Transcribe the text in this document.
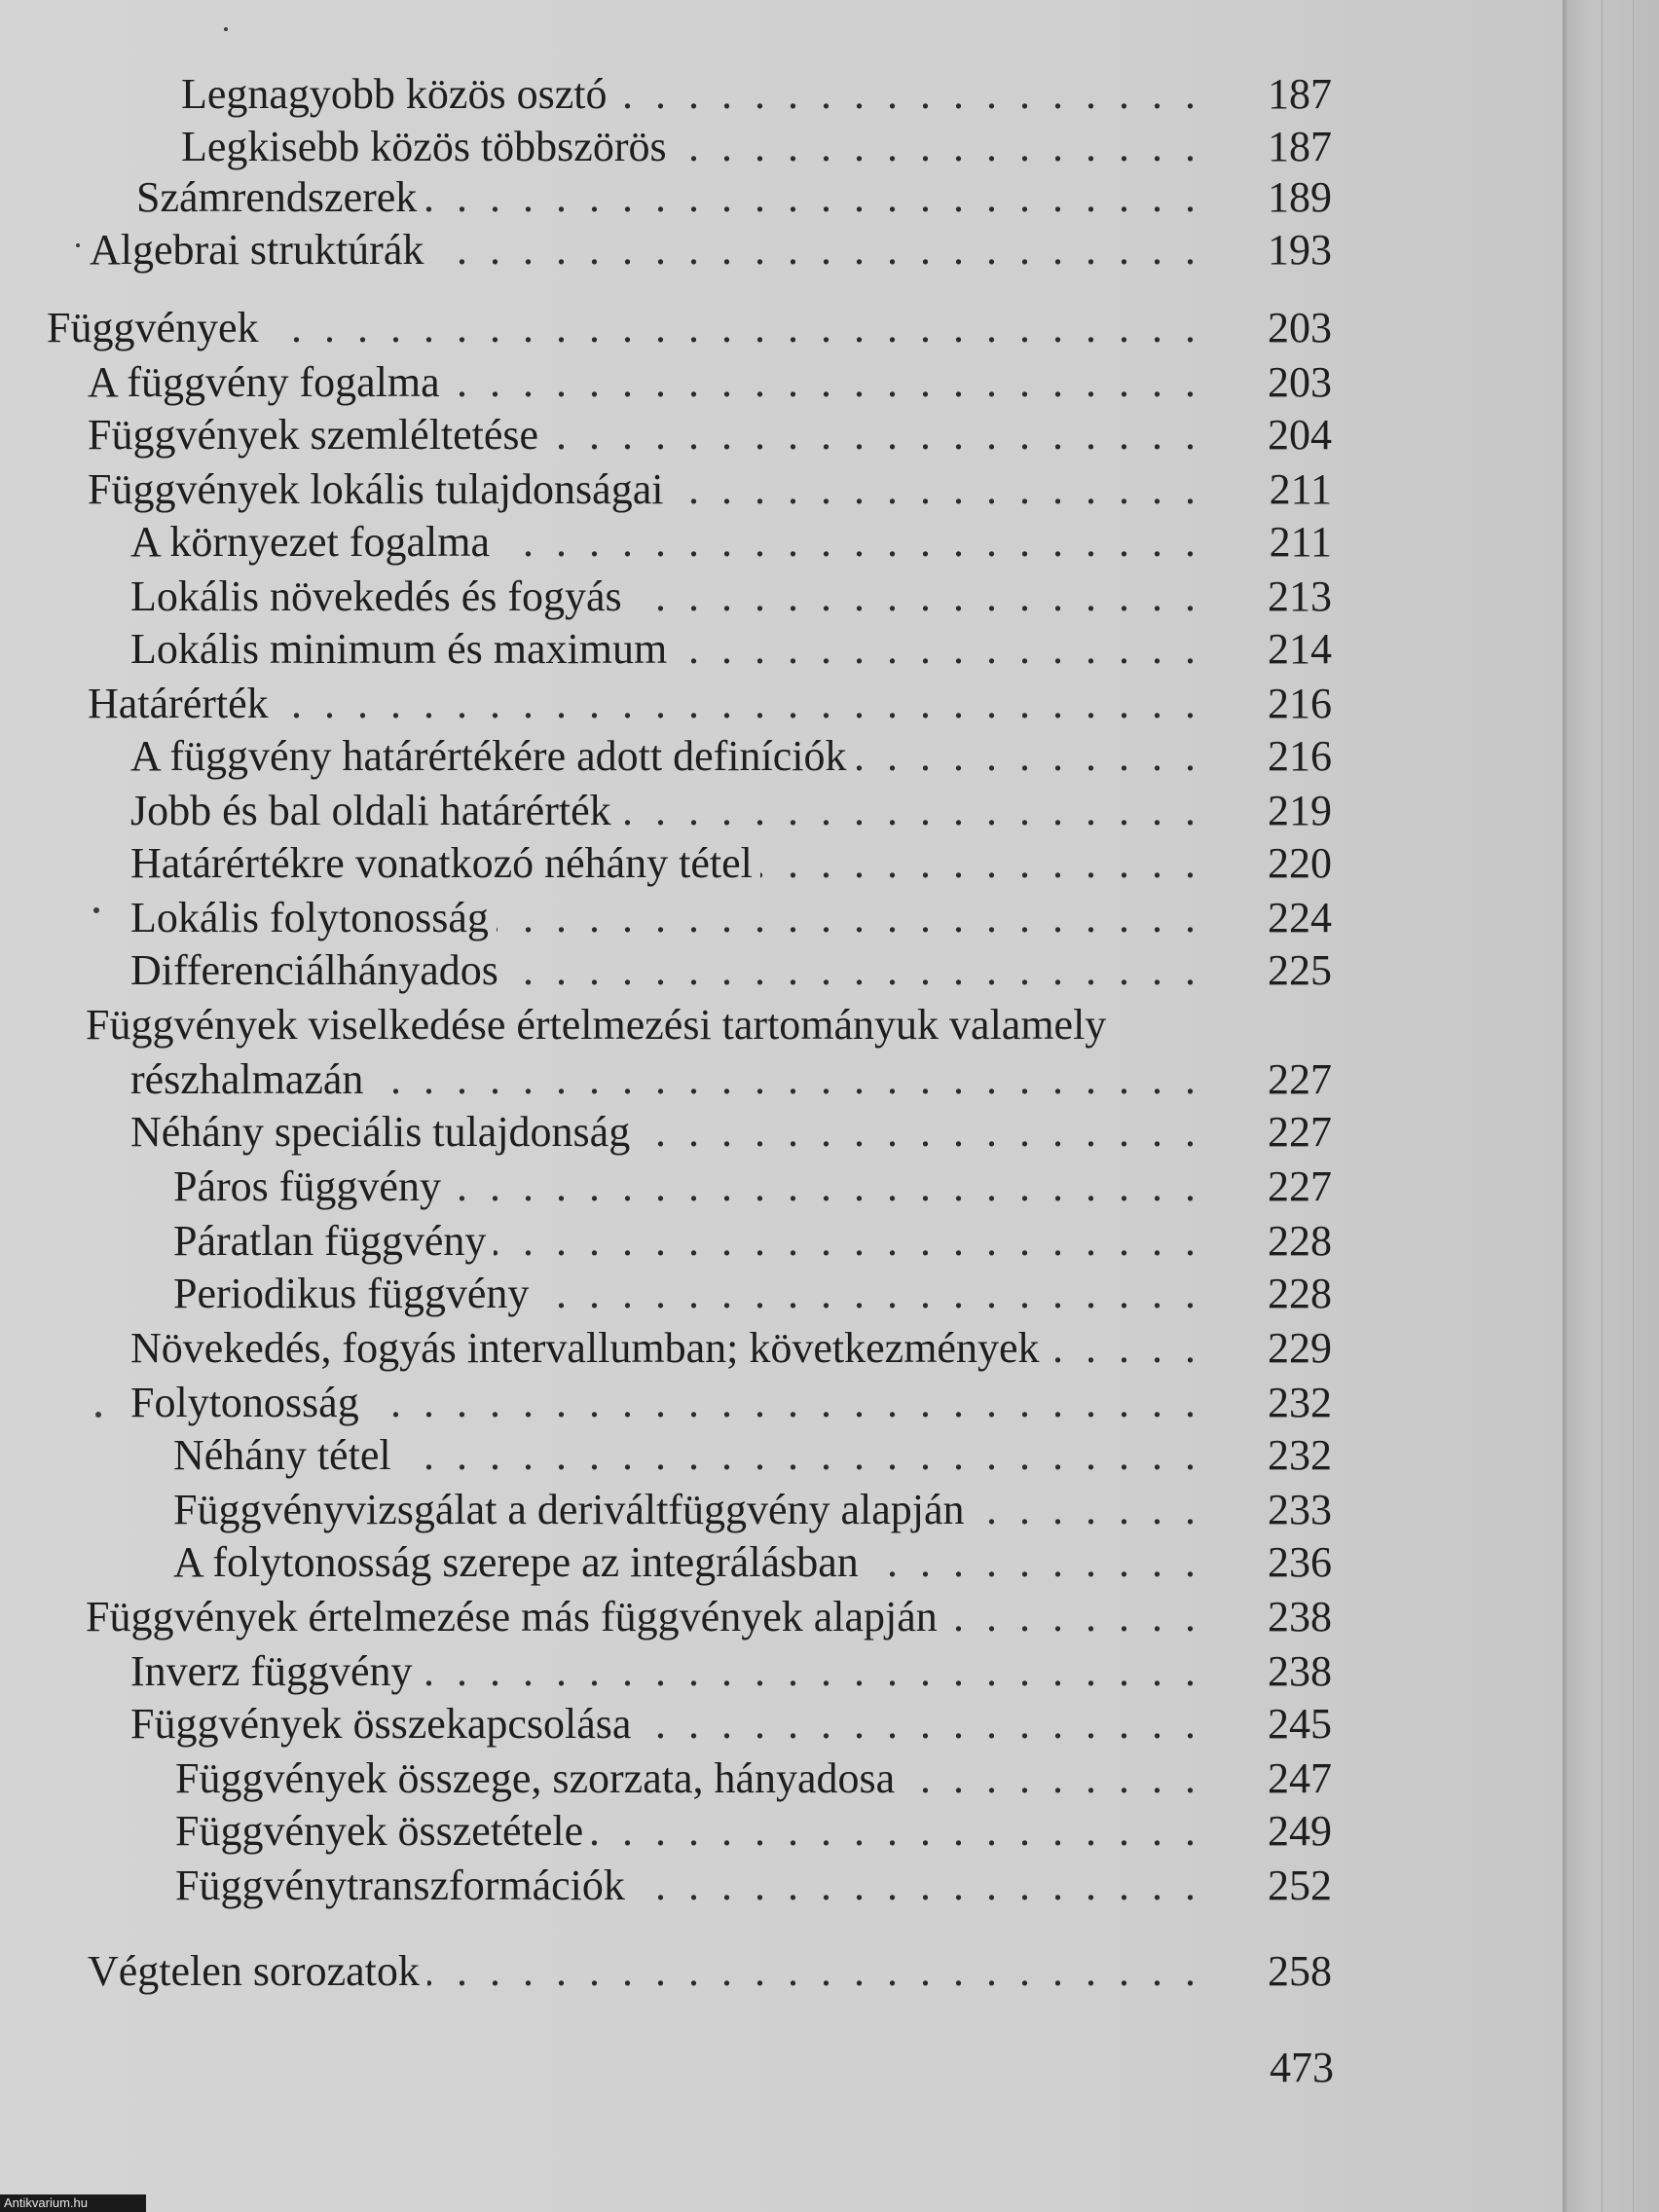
Legnagyobb közös osztó . . .	187
Legkisebb közös többszörös . . .	187
Számrendszerek . . .	189
Algebrai struktúrák . . .	193
Függvények . . .	203
A függvény fogalma . . .	203
Függvények szemléltetése . . .	204
Függvények lokális tulajdonságai . . .	211
A környezet fogalma . . .	211
Lokális növekedés és fogyás . . .	213
Lokális minimum és maximum . . .	214
Határérték . . .	216
A függvény határértékére adott definíciók . . .	216
Jobb és bal oldali határérték . . .	219
Határértékre vonatkozó néhány tétel . . .	220
Lokális folytonosság . . .	224
Differenciálhányados . . .	225
Függvények viselkedése értelmezési tartományuk valamely
részhalmazán . . .	227
Néhány speciális tulajdonság . . .	227
Páros függvény . . .	227
Páratlan függvény . . .	228
Periodikus függvény . . .	228
Növekedés, fogyás intervallumban; következmények . . .	229
Folytonosság . . .	232
Néhány tétel . . .	232
Függvényvizsgálat a deriváltfüggvény alapján . . .	233
A folytonosság szerepe az integrálásban . . .	236
Függvények értelmezése más függvények alapján . . .	238
Inverz függvény . . .	238
Függvények összekapcsolása . . .	245
Függvények összege, szorzata, hányadosa . . .	247
Függvények összetétele . . .	249
Függvénytranszformációk . . .	252
Végtelen sorozatok . . .	258
473
Antikvarium.hu
